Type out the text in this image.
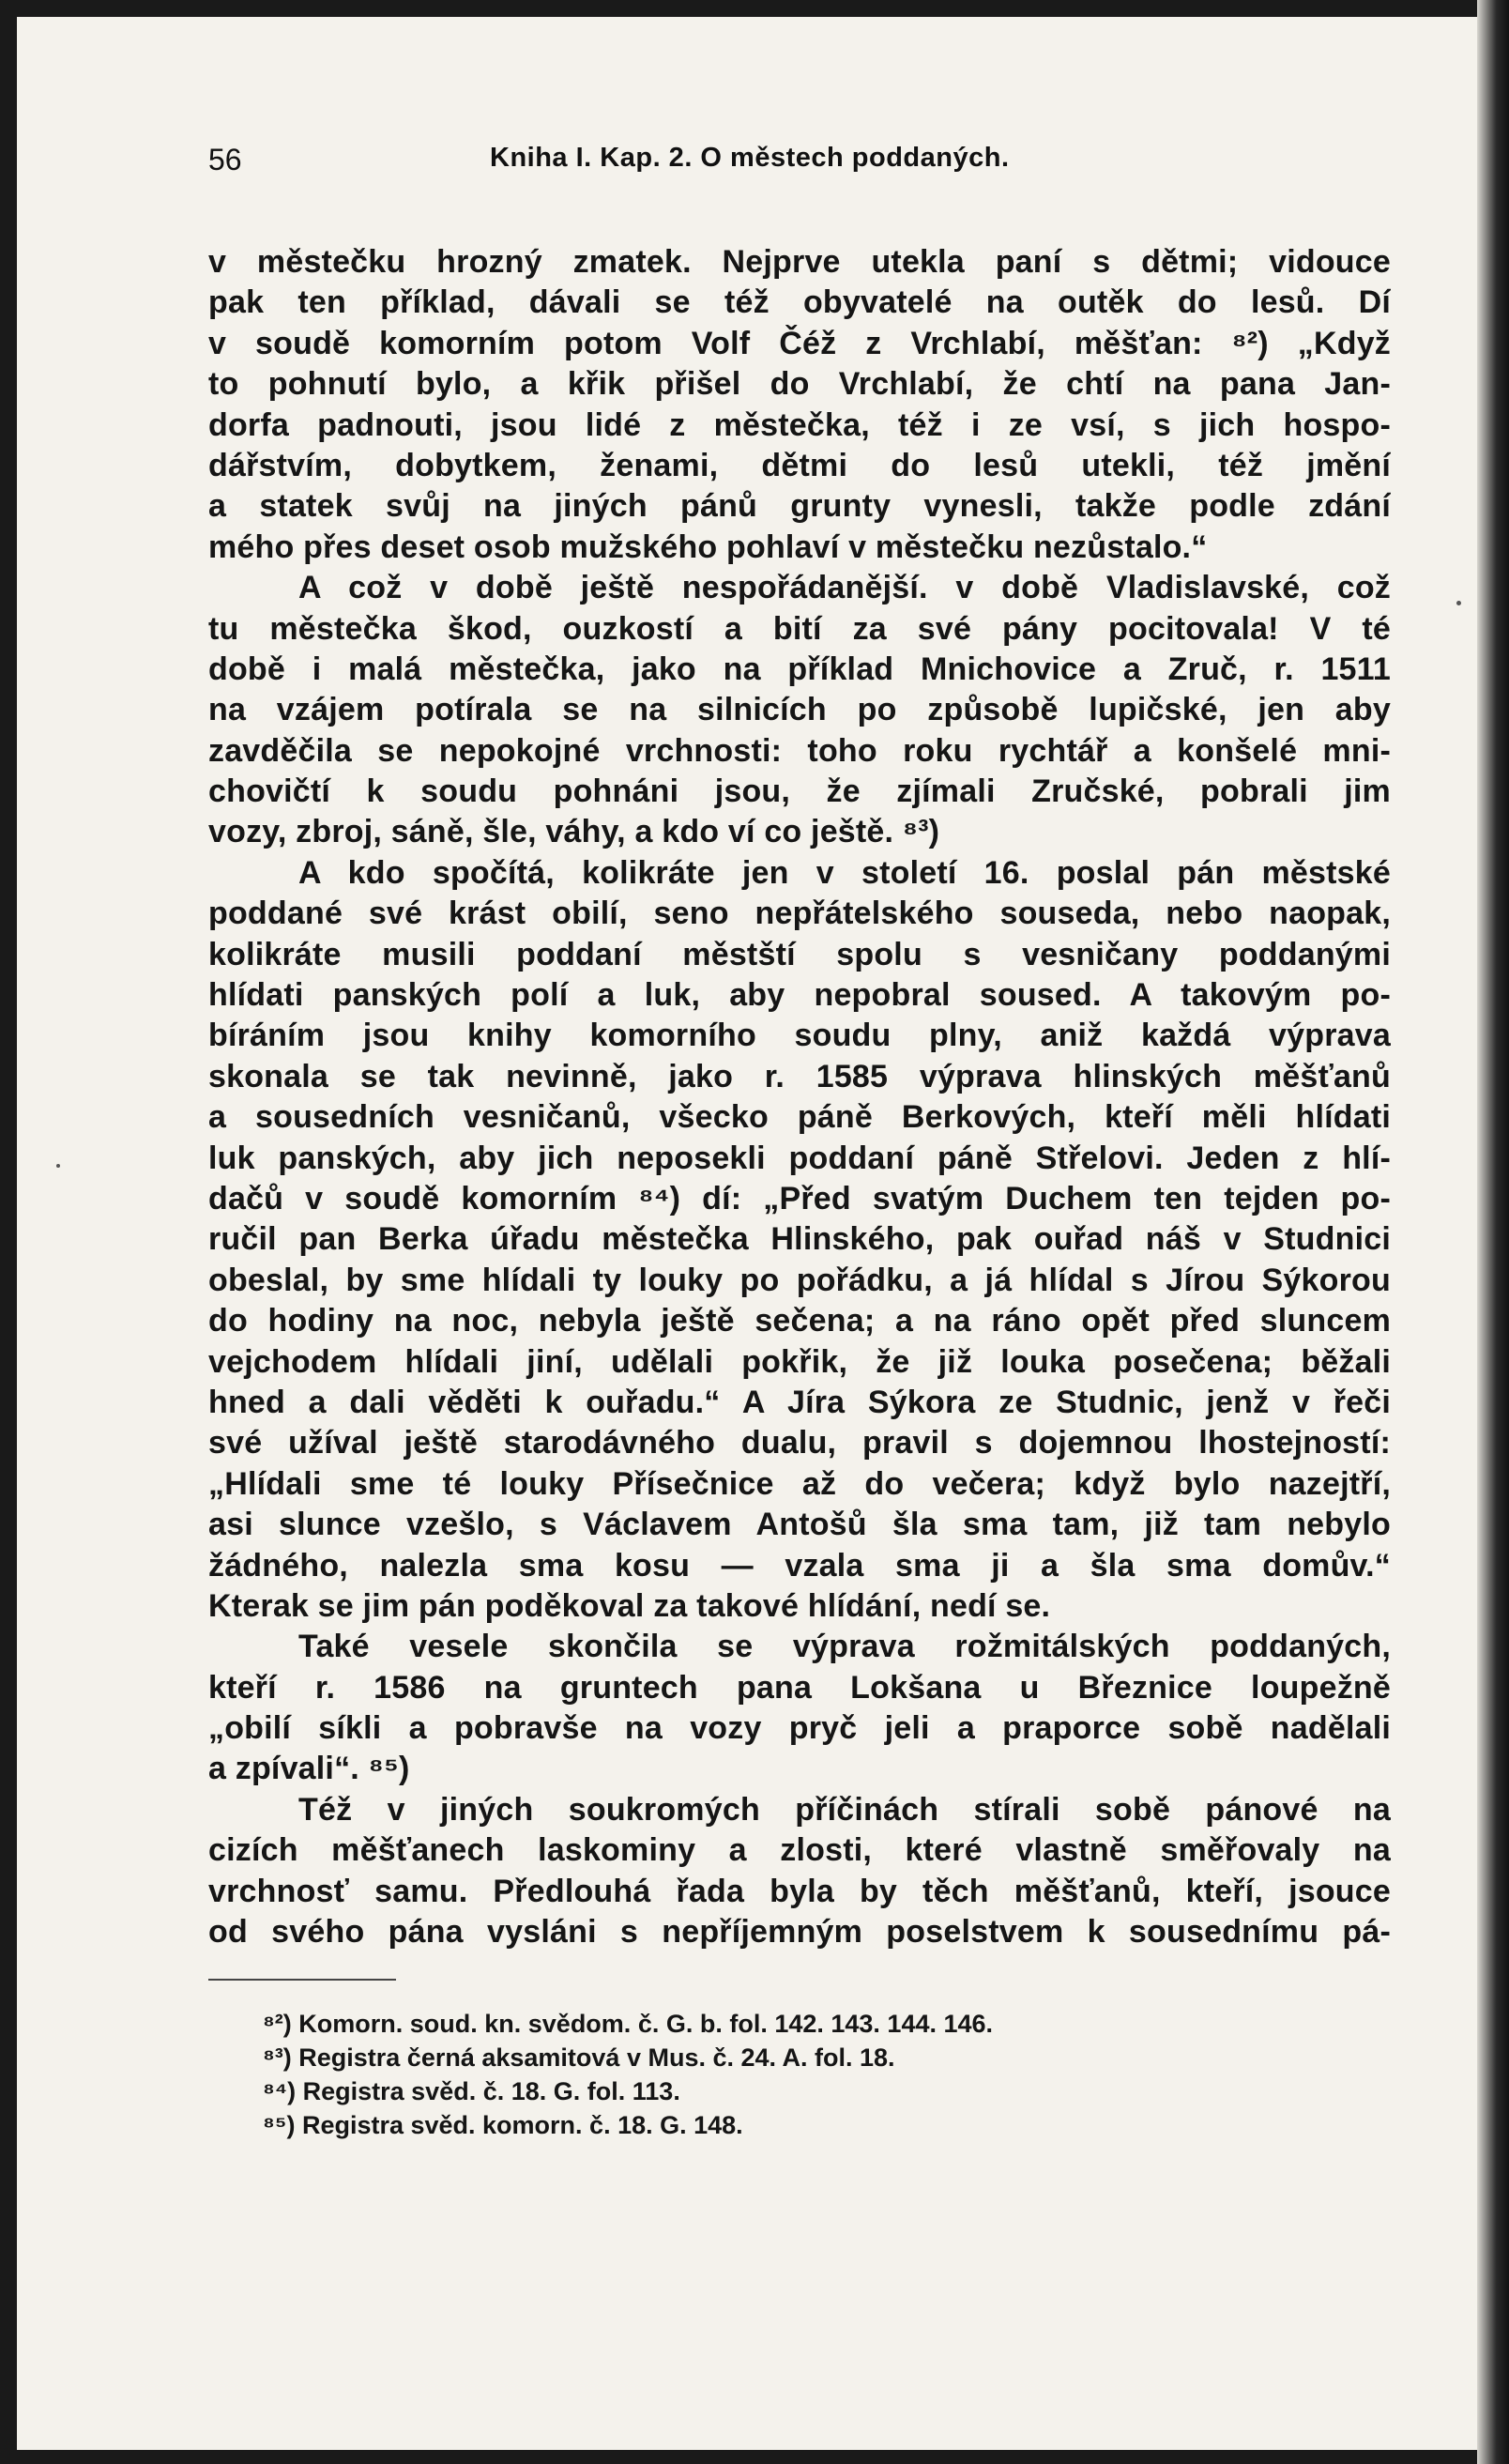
56	Kniha I. Kap. 2. O městech poddaných.
v městečku hrozný zmatek. Nejprve utekla paní s dětmi; vidouce
pak ten příklad, dávali se též obyvatelé na outěk do lesů. Dí
v soudě komorním potom Volf Čéž z Vrchlabí, měšťan: ⁸²) „Když
to pohnutí bylo, a křik přišel do Vrchlabí, že chtí na pana Jan-
dorfa padnouti, jsou lidé z městečka, též i ze vsí, s jich hospo-
dářstvím, dobytkem, ženami, dětmi do lesů utekli, též jmění
a statek svůj na jiných pánů grunty vynesli, takže podle zdání
mého přes deset osob mužského pohlaví v městečku nezůstalo.“
A což v době ještě nespořádanější. v době Vladislavské, což
tu městečka škod, ouzkostí a bití za své pány pocitovala! V té
době i malá městečka, jako na příklad Mnichovice a Zruč, r. 1511
na vzájem potírala se na silnicích po způsobě lupičské, jen aby
zavděčila se nepokojné vrchnosti: toho roku rychtář a konšelé mni-
chovičtí k soudu pohnáni jsou, že zjímali Zručské, pobrali jim
vozy, zbroj, sáně, šle, váhy, a kdo ví co ještě. ⁸³)
A kdo spočítá, kolikráte jen v století 16. poslal pán městské
poddané své krást obilí, seno nepřátelského souseda, nebo naopak,
kolikráte musili poddaní městští spolu s vesničany poddanými
hlídati panských polí a luk, aby nepobral soused. A takovým po-
bíráním jsou knihy komorního soudu plny, aniž každá výprava
skonala se tak nevinně, jako r. 1585 výprava hlinských měšťanů
a sousedních vesničanů, všecko páně Berkových, kteří měli hlídati
luk panských, aby jich neposekli poddaní páně Střelovi. Jeden z hlí-
dačů v soudě komorním ⁸⁴) dí: „Před svatým Duchem ten tejden po-
ručil pan Berka úřadu městečka Hlinského, pak ouřad náš v Studnici
obeslal, by sme hlídali ty louky po pořádku, a já hlídal s Jírou Sýkorou
do hodiny na noc, nebyla ještě sečena; a na ráno opět před sluncem
vejchodem hlídali jiní, udělali pokřik, že již louka posečena; běžali
hned a dali věděti k ouřadu.“ A Jíra Sýkora ze Studnic, jenž v řeči
své užíval ještě starodávného dualu, pravil s dojemnou lhostejností:
„Hlídali sme té louky Přísečnice až do večera; když bylo nazejtří,
asi slunce vzešlo, s Václavem Antošů šla sma tam, již tam nebylo
žádného, nalezla sma kosu — vzala sma ji a šla sma domův.“
Kterak se jim pán poděkoval za takové hlídání, nedí se.
Také vesele skončila se výprava rožmitálských poddaných,
kteří r. 1586 na gruntech pana Lokšana u Březnice loupežně
„obilí síkli a pobravše na vozy pryč jeli a praporce sobě nadělali
a zpívali“. ⁸⁵)
Též v jiných soukromých příčinách stírali sobě pánové na
cizích měšťanech laskominy a zlosti, které vlastně směřovaly na
vrchnosť samu. Předlouhá řada byla by těch měšťanů, kteří, jsouce
od svého pána vysláni s nepříjemným poselstvem k sousednímu pá-
⁸²) Komorn. soud. kn. svědom. č. G. b. fol. 142. 143. 144. 146.
⁸³) Registra černá aksamitová v Mus. č. 24. A. fol. 18.
⁸⁴) Registra svěd. č. 18. G. fol. 113.
⁸⁵) Registra svěd. komorn. č. 18. G. 148.
